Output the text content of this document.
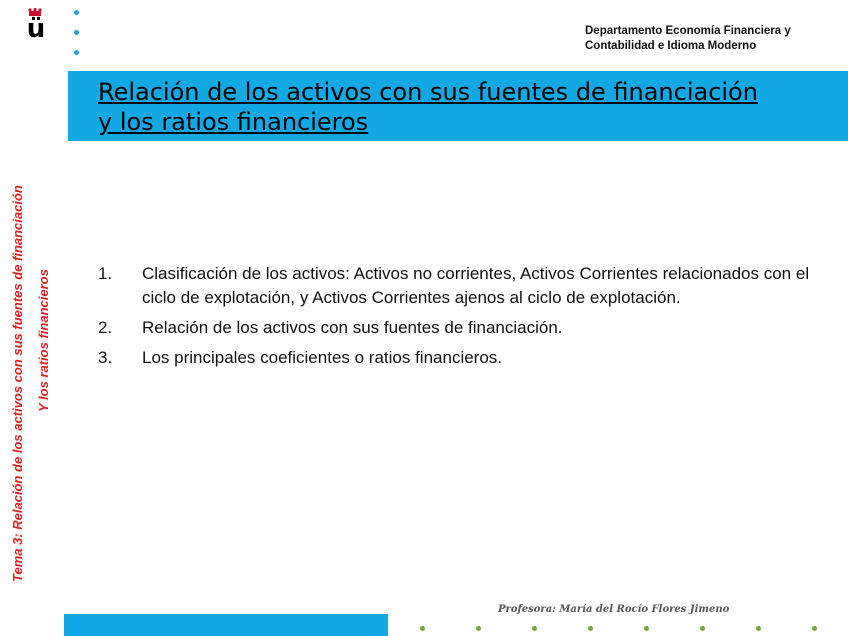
ü	Departamento Economía Financiera y
Contabilidad e Idioma Moderno
Relación de los activos con sus fuentes de financiación
y los ratios financieros
Tema 3: Relación de los activos con sus fuentes de financiación Y los ratios financieros	1. Clasificación de los activos: Activos no corrientes, Activos Corrientes relacionados con el ciclo de explotación, y Activos Corrientes ajenos al ciclo de explotación.
2. Relación de los activos con sus fuentes de financiación.
3. Los principales coeficientes o ratios financieros.
Profesora: María del Rocío Flores Jimeno
